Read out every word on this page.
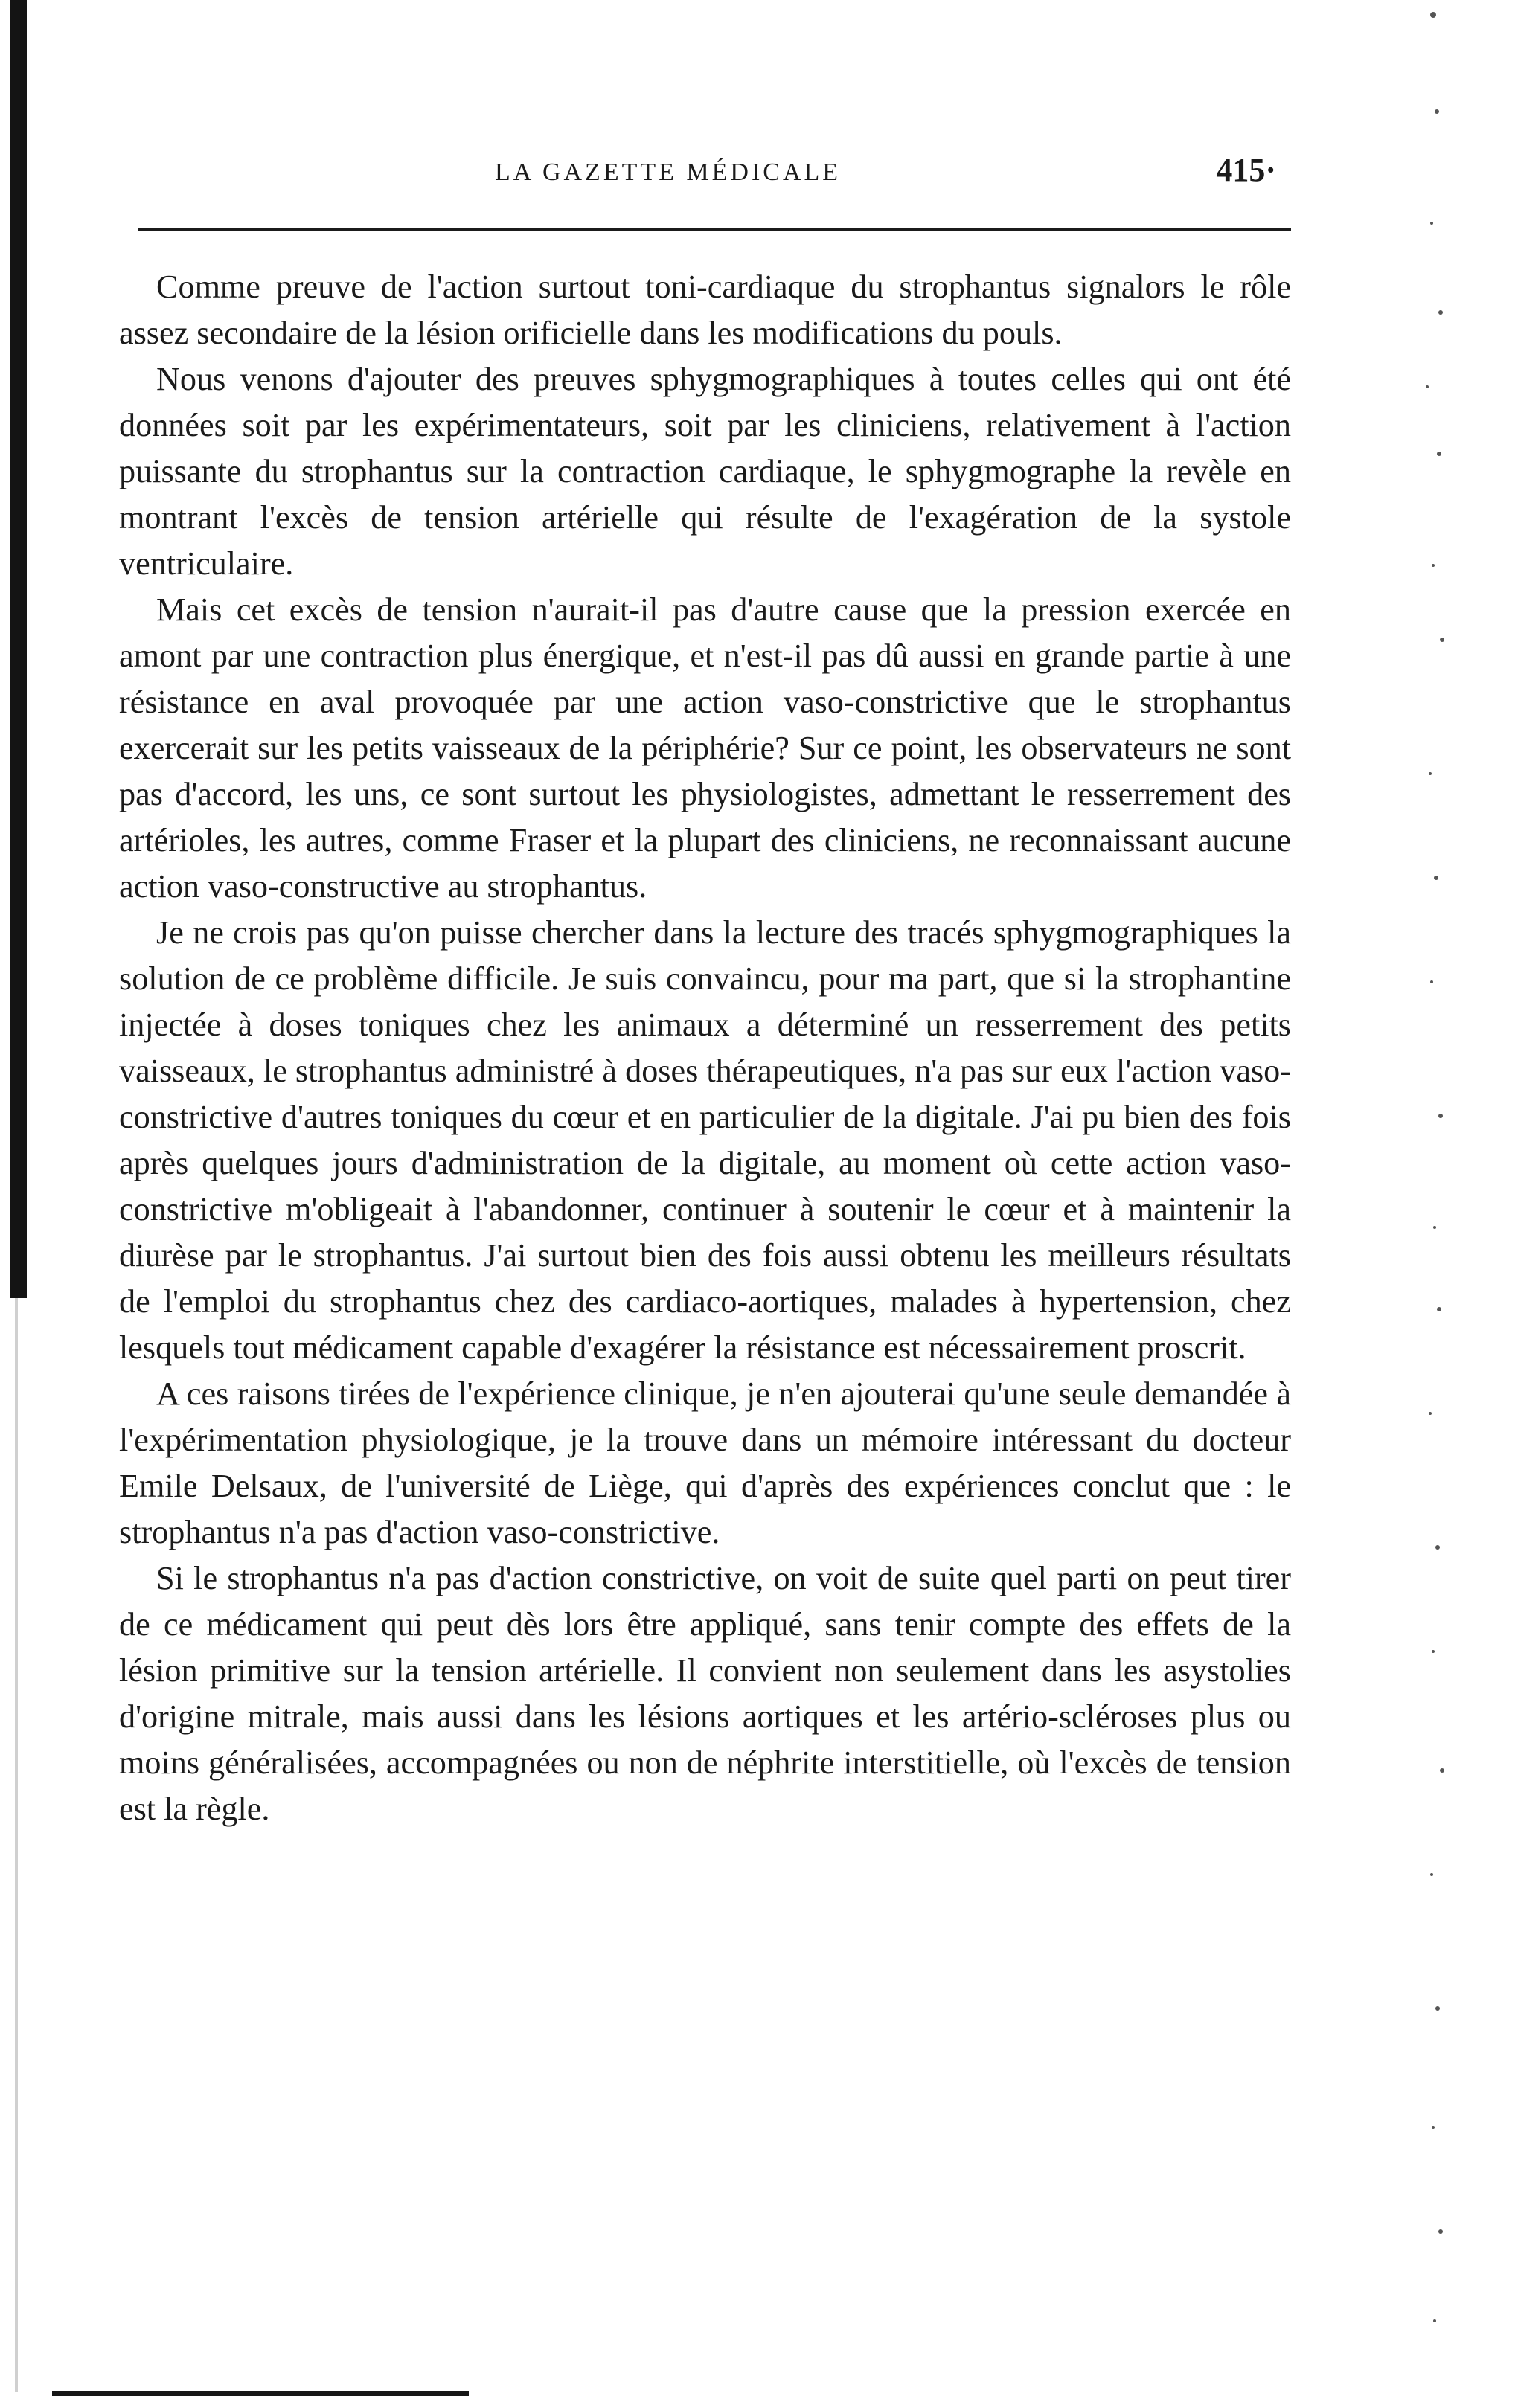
LA GAZETTE MÉDICALE	415·

Comme preuve de l'action surtout toni-cardiaque du strophantus signalors le rôle assez secondaire de la lésion orificielle dans les modifications du pouls.

Nous venons d'ajouter des preuves sphygmographiques à toutes celles qui ont été données soit par les expérimentateurs, soit par les cliniciens, relativement à l'action puissante du strophantus sur la contraction cardiaque, le sphygmographe la revèle en montrant l'excès de tension artérielle qui résulte de l'exagération de la systole ventriculaire.

Mais cet excès de tension n'aurait-il pas d'autre cause que la pression exercée en amont par une contraction plus énergique, et n'est-il pas dû aussi en grande partie à une résistance en aval provoquée par une action vaso-constrictive que le strophantus exercerait sur les petits vaisseaux de la périphérie? Sur ce point, les observateurs ne sont pas d'accord, les uns, ce sont surtout les physiologistes, admettant le resserrement des artérioles, les autres, comme Fraser et la plupart des cliniciens, ne reconnaissant aucune action vaso-constructive au strophantus.

Je ne crois pas qu'on puisse chercher dans la lecture des tracés sphygmographiques la solution de ce problème difficile. Je suis convaincu, pour ma part, que si la strophantine injectée à doses toniques chez les animaux a déterminé un resserrement des petits vaisseaux, le strophantus administré à doses thérapeutiques, n'a pas sur eux l'action vaso-constrictive d'autres toniques du cœur et en particulier de la digitale. J'ai pu bien des fois après quelques jours d'administration de la digitale, au moment où cette action vaso-constrictive m'obligeait à l'abandonner, continuer à soutenir le cœur et à maintenir la diurèse par le strophantus. J'ai surtout bien des fois aussi obtenu les meilleurs résultats de l'emploi du strophantus chez des cardiaco-aortiques, malades à hypertension, chez lesquels tout médicament capable d'exagérer la résistance est nécessairement proscrit.

A ces raisons tirées de l'expérience clinique, je n'en ajouterai qu'une seule demandée à l'expérimentation physiologique, je la trouve dans un mémoire intéressant du docteur Emile Delsaux, de l'université de Liège, qui d'après des expériences conclut que : le strophantus n'a pas d'action vaso-constrictive.

Si le strophantus n'a pas d'action constrictive, on voit de suite quel parti on peut tirer de ce médicament qui peut dès lors être appliqué, sans tenir compte des effets de la lésion primitive sur la tension artérielle. Il convient non seulement dans les asystolies d'origine mitrale, mais aussi dans les lésions aortiques et les artério-scléroses plus ou moins généralisées, accompagnées ou non de néphrite interstitielle, où l'excès de tension est la règle.
